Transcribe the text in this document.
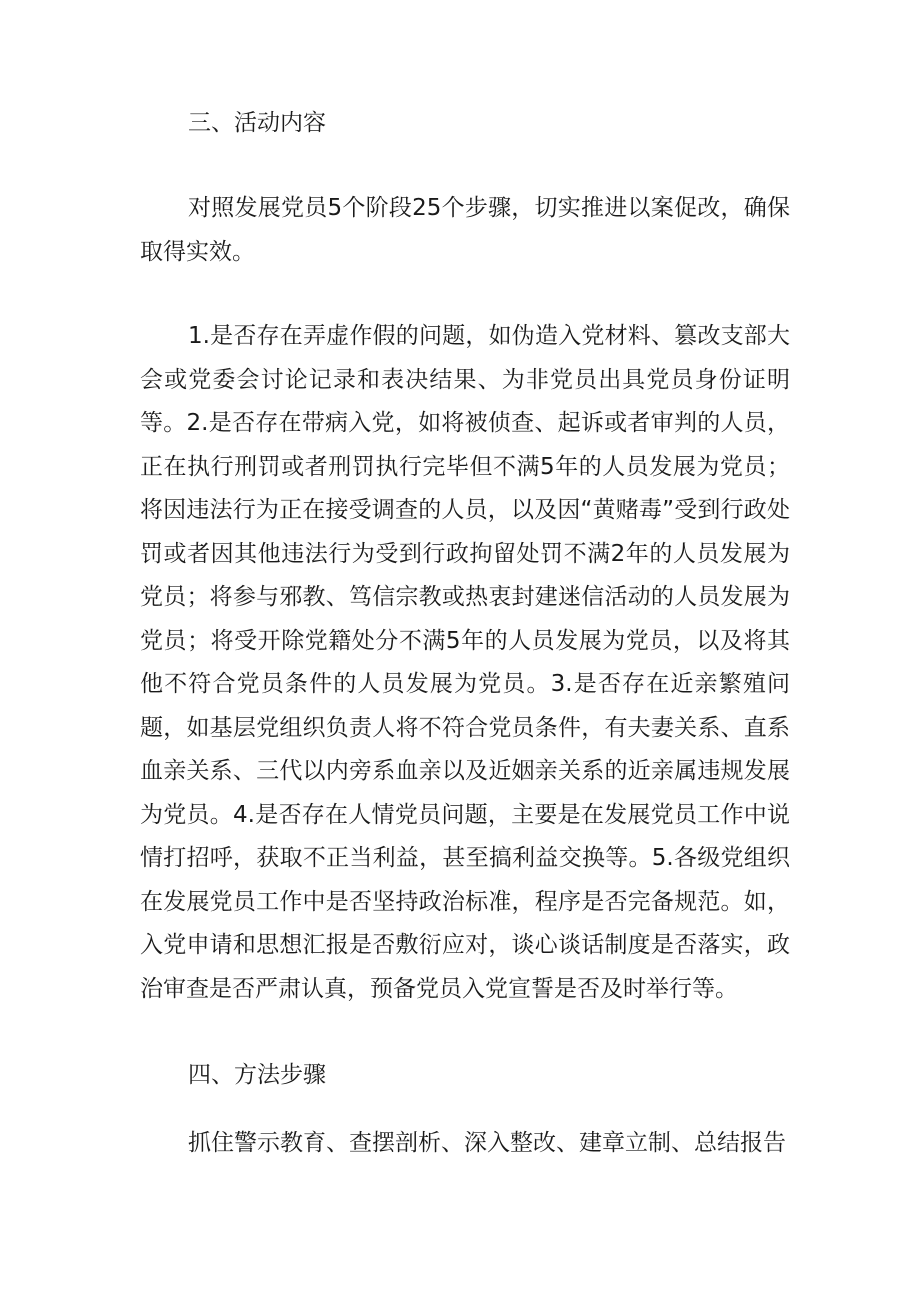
三、活动内容

对照发展党员5个阶段25个步骤，切实推进以案促改，确保取得实效。

1.是否存在弄虚作假的问题，如伪造入党材料、篡改支部大会或党委会讨论记录和表决结果、为非党员出具党员身份证明等。2.是否存在带病入党，如将被侦查、起诉或者审判的人员，正在执行刑罚或者刑罚执行完毕但不满5年的人员发展为党员；将因违法行为正在接受调查的人员，以及因“黄赌毒”受到行政处罚或者因其他违法行为受到行政拘留处罚不满2年的人员发展为党员；将参与邪教、笃信宗教或热衷封建迷信活动的人员发展为党员；将受开除党籍处分不满5年的人员发展为党员，以及将其他不符合党员条件的人员发展为党员。3.是否存在近亲繁殖问题，如基层党组织负责人将不符合党员条件，有夫妻关系、直系血亲关系、三代以内旁系血亲以及近姻亲关系的近亲属违规发展为党员。4.是否存在人情党员问题，主要是在发展党员工作中说情打招呼，获取不正当利益，甚至搞利益交换等。5.各级党组织在发展党员工作中是否坚持政治标准，程序是否完备规范。如，入党申请和思想汇报是否敷衍应对，谈心谈话制度是否落实，政治审查是否严肃认真，预备党员入党宣誓是否及时举行等。

四、方法步骤

抓住警示教育、查摆剖析、深入整改、建章立制、总结报告
